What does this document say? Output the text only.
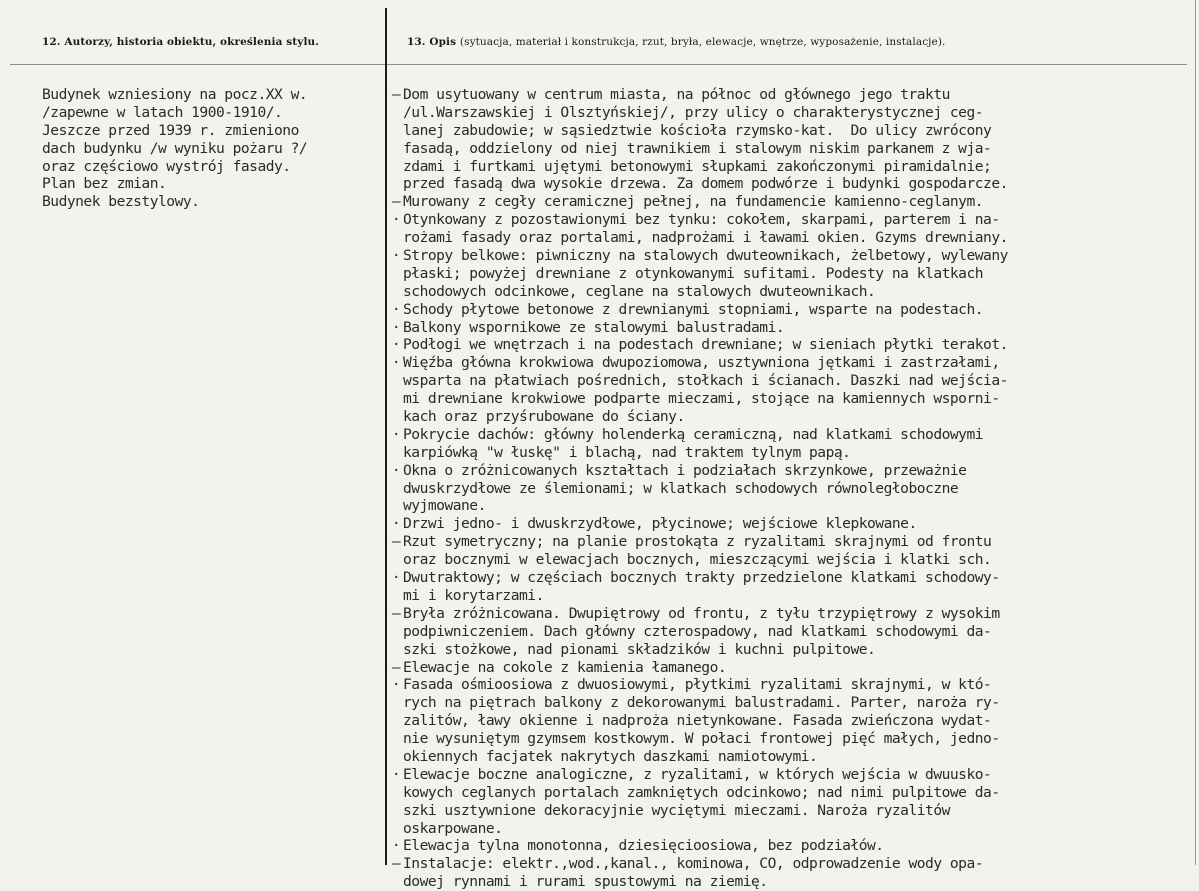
12. Autorzy, historia obiektu, określenia stylu.	13. Opis (sytuacja, materiał i konstrukcja, rzut, bryła, elewacje, wnętrze, wyposażenie, instalacje).
Budynek wzniesiony na pocz.XX w.
/zapewne w latach 1900-1910/.
Jeszcze przed 1939 r. zmieniono
dach budynku /w wyniku pożaru ?/
oraz częściowo wystrój fasady.
Plan bez zmian.
Budynek bezstylowy.
— Dom usytuowany w centrum miasta, na północ od głównego jego traktu
/ul.Warszawskiej i Olsztyńskiej/, przy ulicy o charakterystycznej ceg-
lanej zabudowie; w sąsiedztwie kościoła rzymsko-kat.  Do ulicy zwrócony
fasadą, oddzielony od niej trawnikiem i stalowym niskim parkanem z wja-
zdami i furtkami ujętymi betonowymi słupkami zakończonymi piramidalnie;
przed fasadą dwa wysokie drzewa. Za domem podwórze i budynki gospodarcze.
— Murowany z cegły ceramicznej pełnej, na fundamencie kamienno-ceglanym.
· Otynkowany z pozostawionymi bez tynku: cokołem, skarpami, parterem i na-
rożami fasady oraz portalami, nadprożami i ławami okien. Gzyms drewniany.
· Stropy belkowe: piwniczny na stalowych dwuteownikach, żelbetowy, wylewany
płaski; powyżej drewniane z otynkowanymi sufitami. Podesty na klatkach
schodowych odcinkowe, ceglane na stalowych dwuteownikach.
· Schody płytowe betonowe z drewnianymi stopniami, wsparte na podestach.
· Balkony wspornikowe ze stalowymi balustradami.
· Podłogi we wnętrzach i na podestach drewniane; w sieniach płytki terakot.
· Więźba główna krokwiowa dwupoziomowa, usztywniona jętkami i zastrzałami,
wsparta na płatwiach pośrednich, stołkach i ścianach. Daszki nad wejścia-
mi drewniane krokwiowe podparte mieczami, stojące na kamiennych wsporni-
kach oraz przyśrubowane do ściany.
· Pokrycie dachów: główny holenderką ceramiczną, nad klatkami schodowymi
karpiówką "w łuskę" i blachą, nad traktem tylnym papą.
· Okna o zróżnicowanych kształtach i podziałach skrzynkowe, przeważnie
dwuskrzydłowe ze ślemionami; w klatkach schodowych równoległoboczne
wyjmowane.
· Drzwi jedno- i dwuskrzydłowe, płycinowe; wejściowe klepkowane.
— Rzut symetryczny; na planie prostokąta z ryzalitami skrajnymi od frontu
oraz bocznymi w elewacjach bocznych, mieszczącymi wejścia i klatki sch.
· Dwutraktowy; w częściach bocznych trakty przedzielone klatkami schodowy-
mi i korytarzami.
— Bryła zróżnicowana. Dwupiętrowy od frontu, z tyłu trzypiętrowy z wysokim
podpiwniczeniem. Dach główny czterospadowy, nad klatkami schodowymi da-
szki stożkowe, nad pionami składzików i kuchni pulpitowe.
— Elewacje na cokole z kamienia łamanego.
· Fasada ośmioosiowa z dwuosiowymi, płytkimi ryzalitami skrajnymi, w któ-
rych na piętrach balkony z dekorowanymi balustradami. Parter, naroża ry-
zalitów, ławy okienne i nadproża nietynkowane. Fasada zwieńczona wydat-
nie wysuniętym gzymsem kostkowym. W połaci frontowej pięć małych, jedno-
okiennych facjatek nakrytych daszkami namiotowymi.
· Elewacje boczne analogiczne, z ryzalitami, w których wejścia w dwuusko-
kowych ceglanych portalach zamkniętych odcinkowo; nad nimi pulpitowe da-
szki usztywnione dekoracyjnie wyciętymi mieczami. Naroża ryzalitów
oskarpowane.
· Elewacja tylna monotonna, dziesięcioosiowa, bez podziałów.
— Instalacje: elektr.,wod.,kanal., kominowa, CO, odprowadzenie wody opa-
dowej rynnami i rurami spustowymi na ziemię.
